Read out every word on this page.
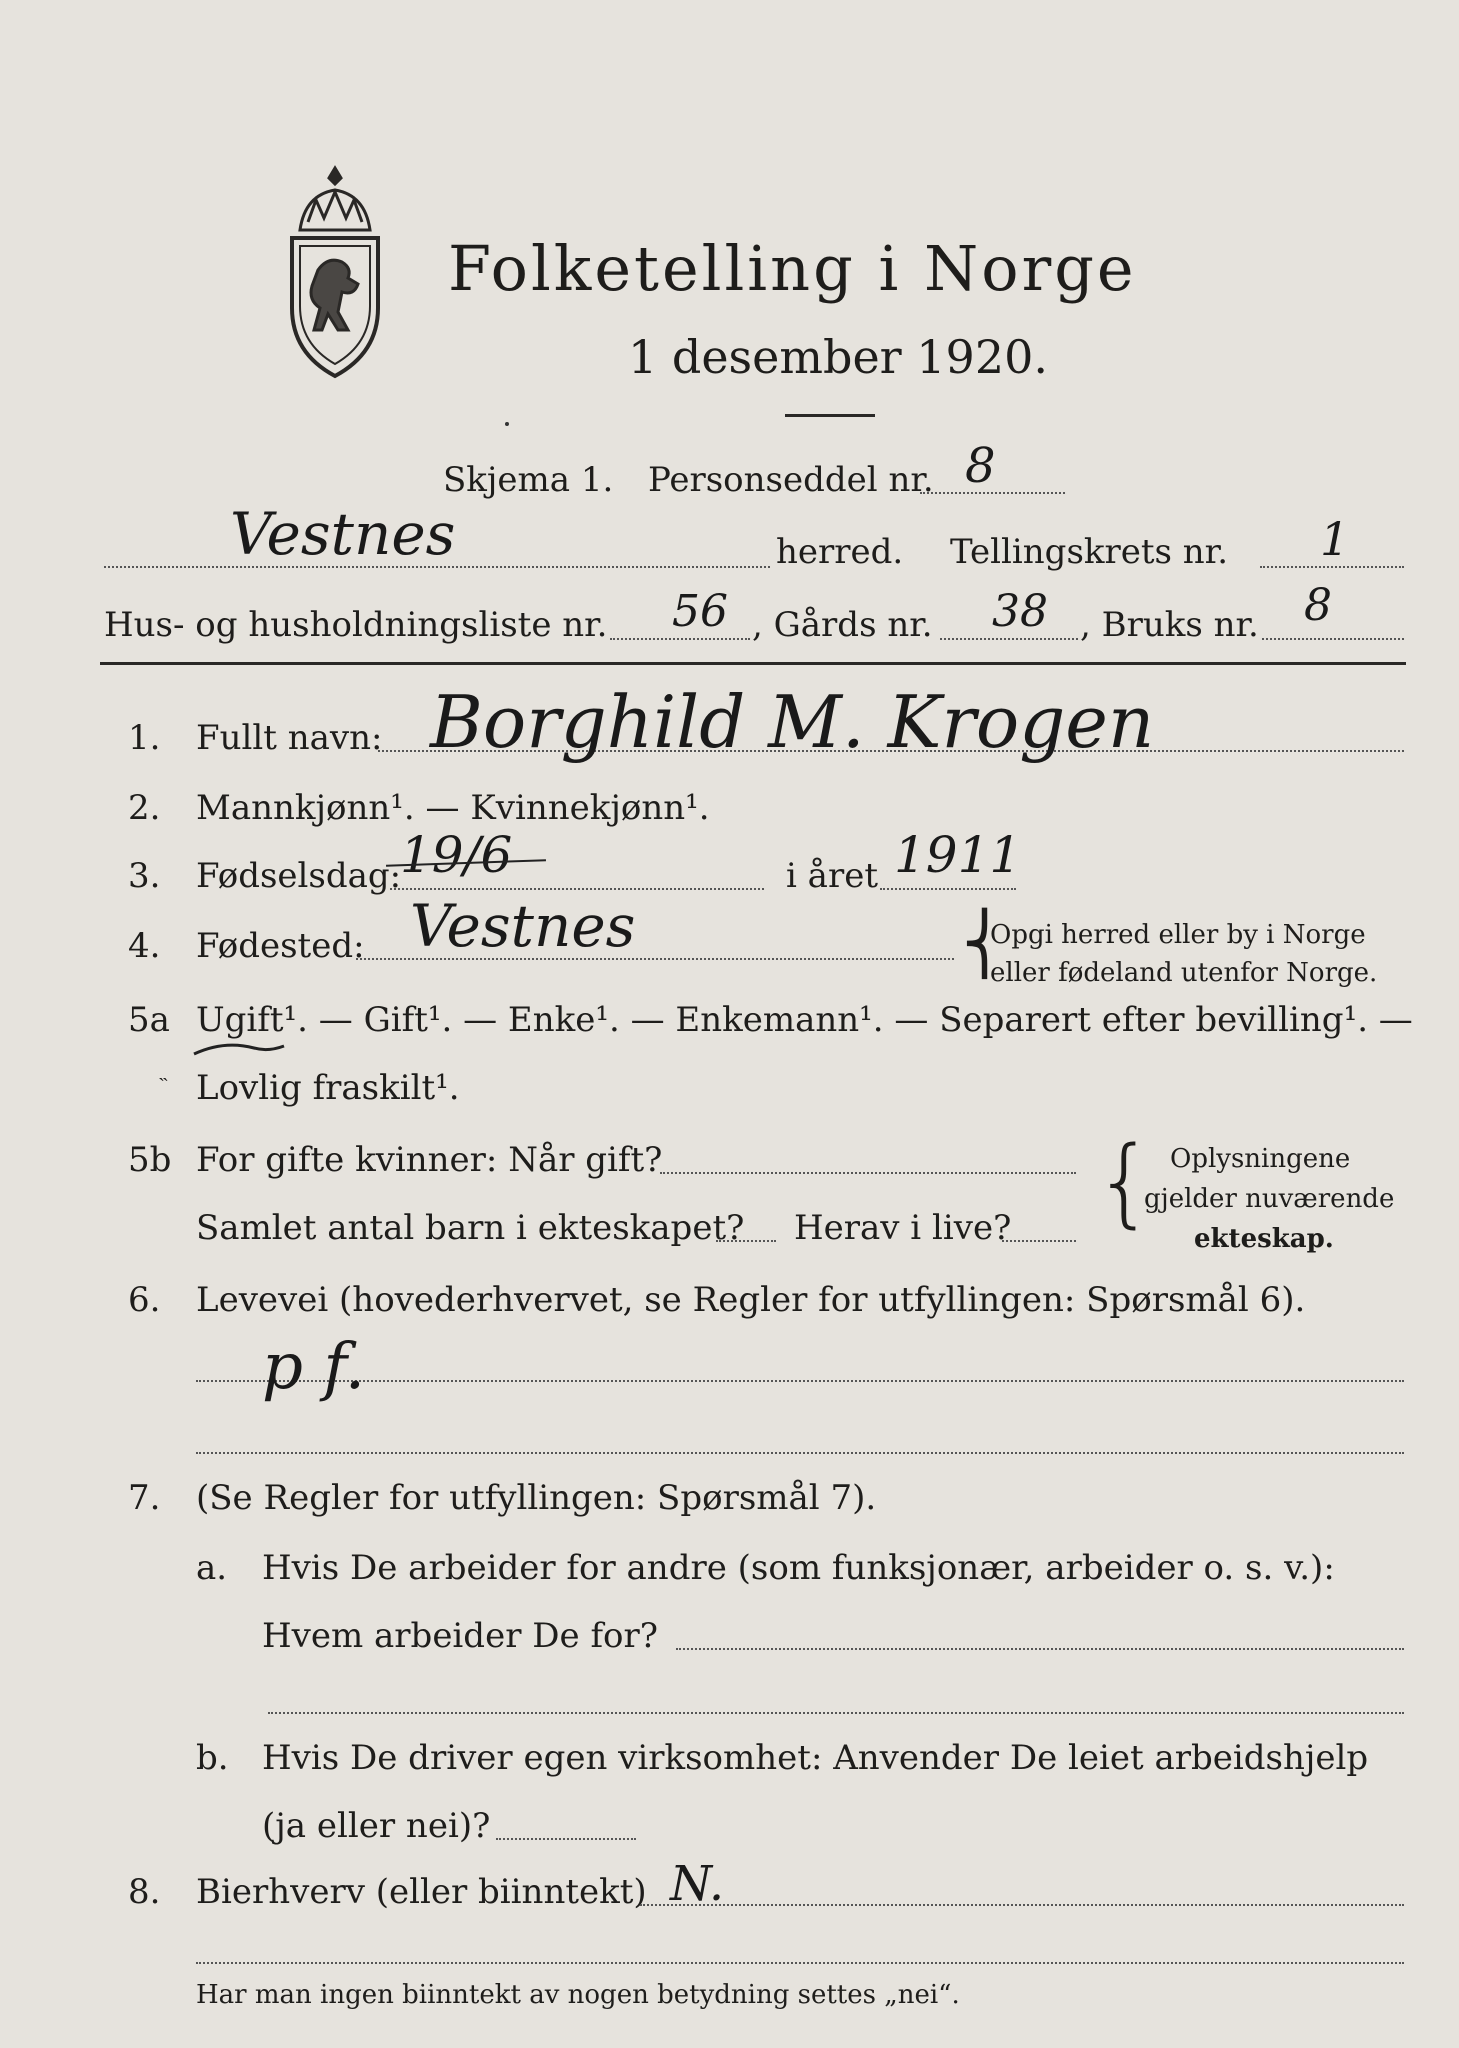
Folketelling i Norge
1 desember 1920.
Skjema 1. Personseddel nr. 8
Vestnes	herred. Tellingskrets nr. 1
Hus- og husholdningsliste nr. 56 , Gårds nr. 38 , Bruks nr. 8
1. Fullt navn: Borghild M. Krogen
2. Mannkjønn¹. — Kvinnekjønn¹.
3. Fødselsdag:
19/6	i året 1911
4. Fødested: Vestnes	⎨
Opgi herred eller by i Norge
eller fødeland utenfor Norge.
5a Ugift¹. — Gift¹. — Enke¹. — Enkemann¹. — Separert efter bevilling¹. —
Lovlig fraskilt¹.
˵
5b For gifte kvinner: Når gift?
Samlet antal barn i ekteskapet? Herav i live? { Oplysningene
gjelder nuværende
ekteskap.
6. Levevei (hovederhvervet, se Regler for utfyllingen: Spørsmål 6).
p f.
7. (Se Regler for utfyllingen: Spørsmål 7).
a. Hvis De arbeider for andre (som funksjonær, arbeider o. s. v.):
Hvem arbeider De for?
b. Hvis De driver egen virksomhet: Anvender De leiet arbeidshjelp
(ja eller nei)?
8. Bierhverv (eller biinntekt) N.
Har man ingen biinntekt av nogen betydning settes „nei“.
